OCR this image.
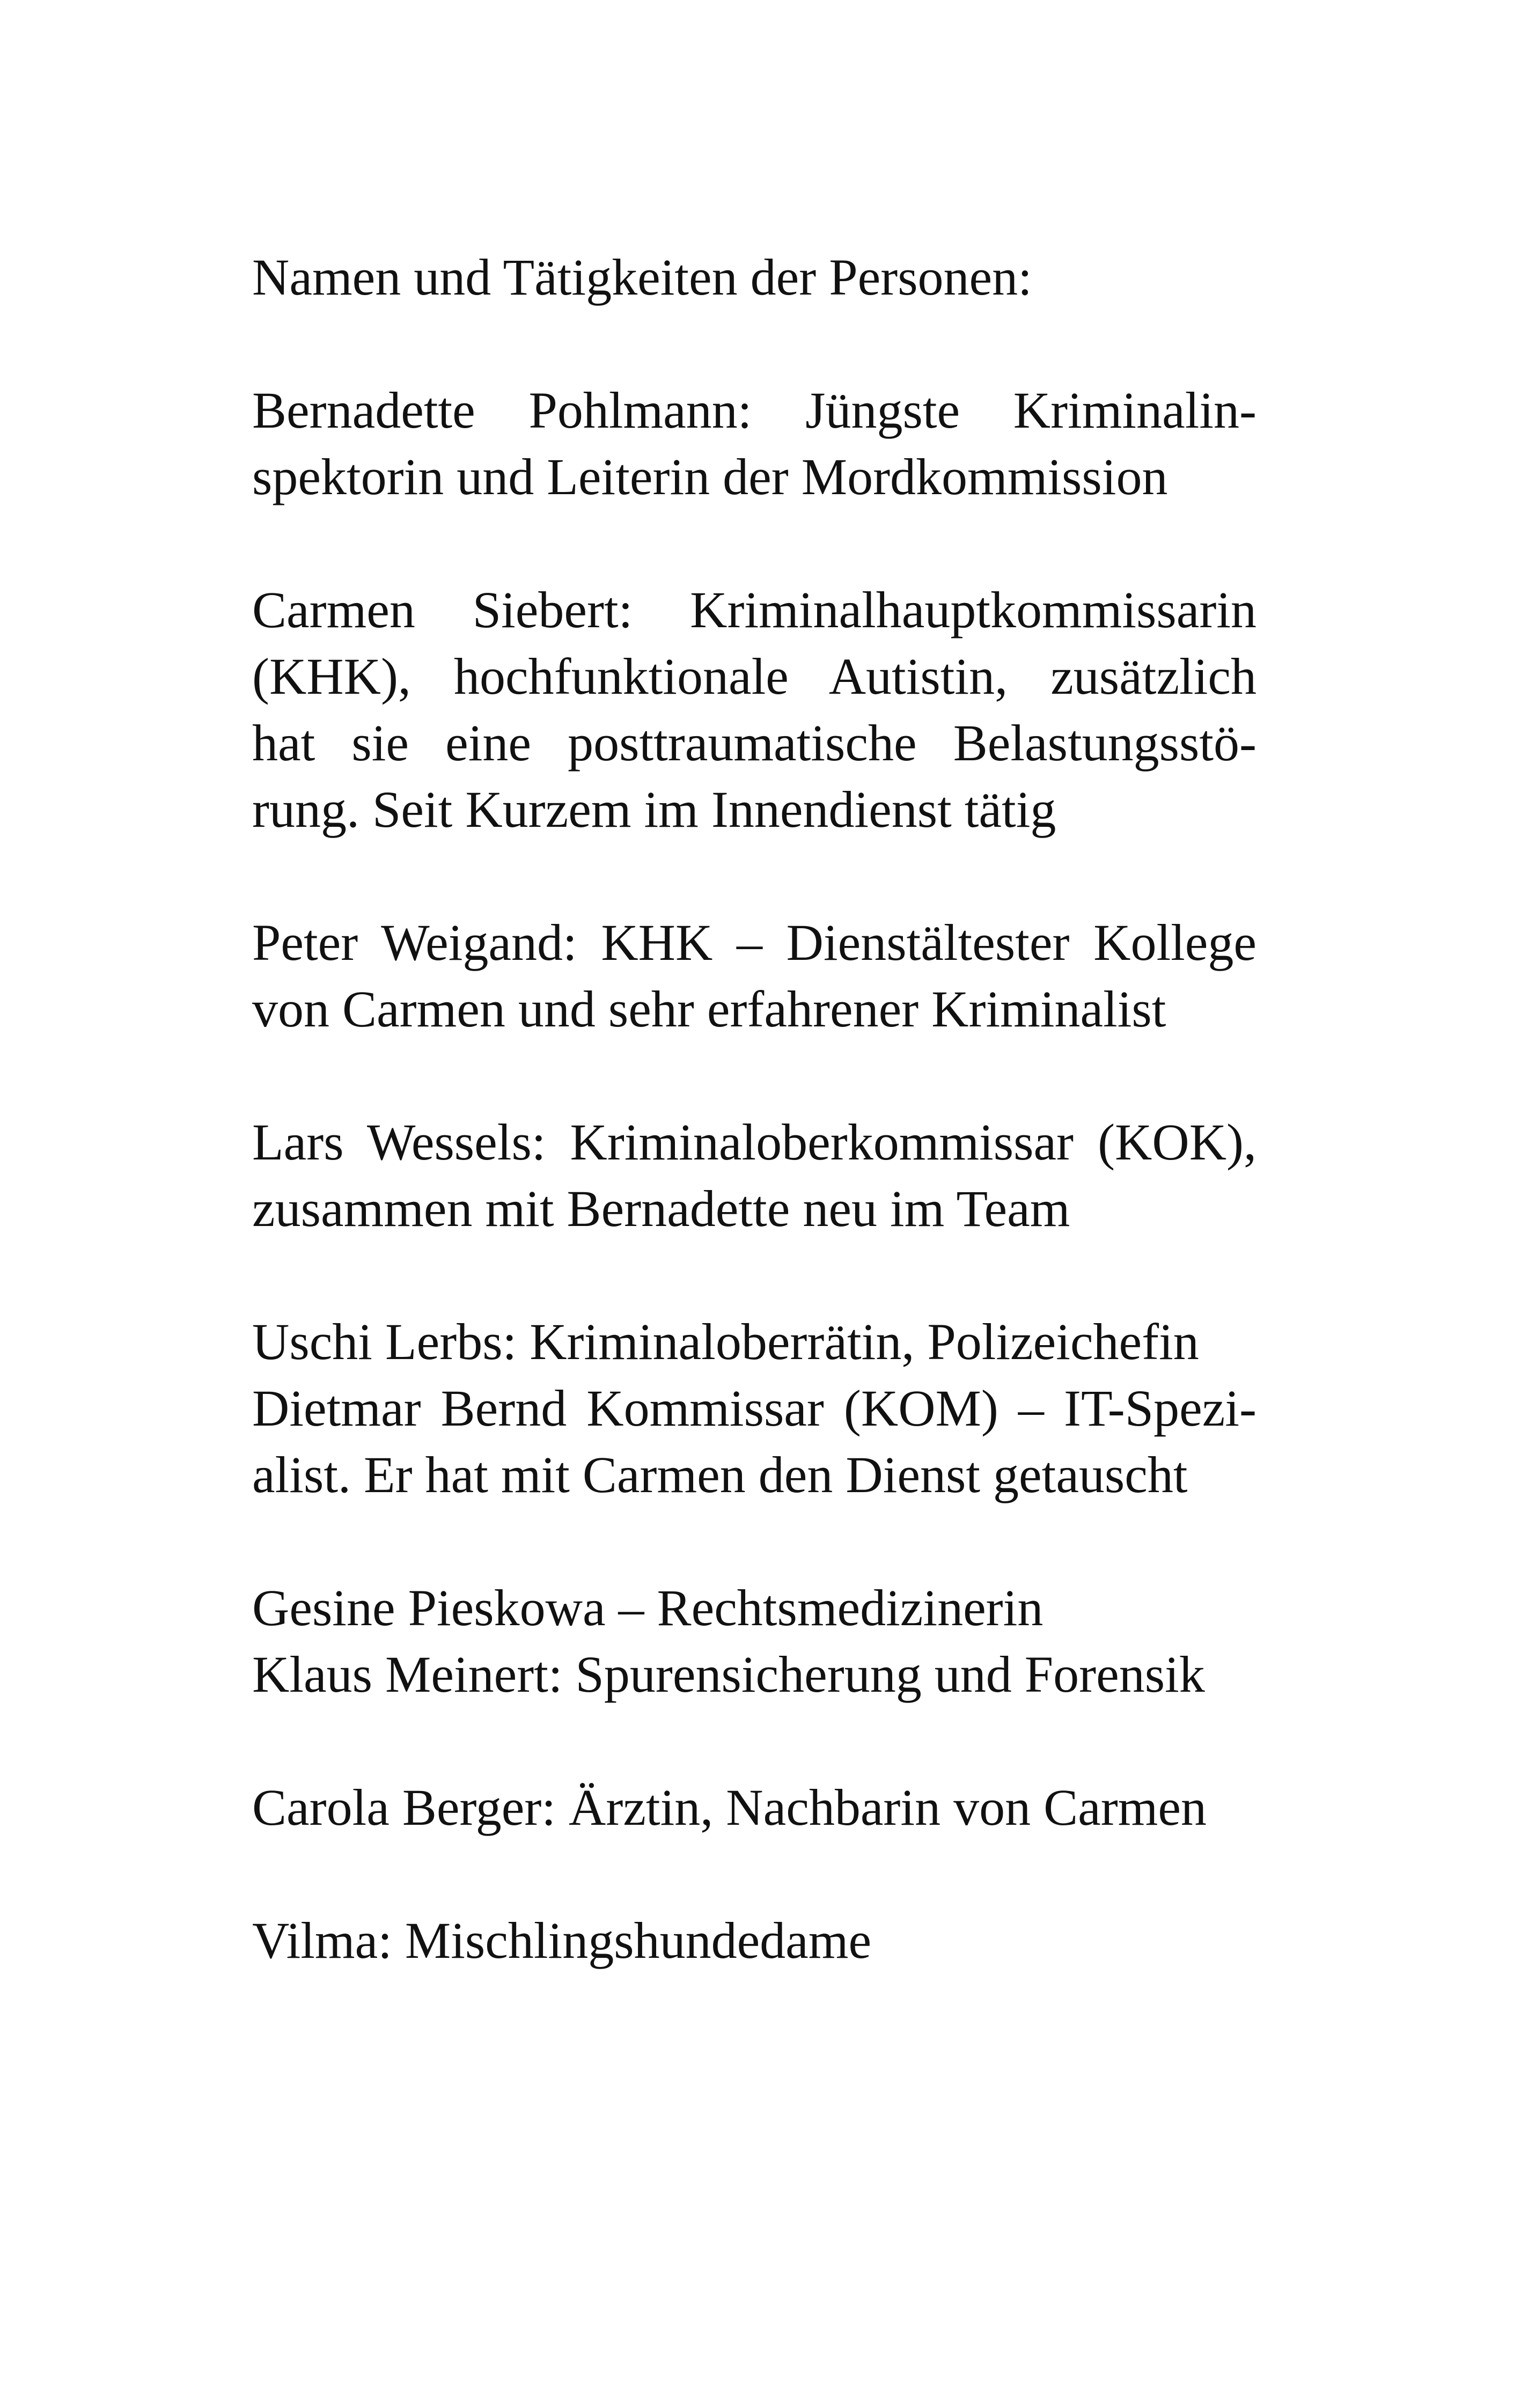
Namen und Tätigkeiten der Personen:
Bernadette Pohlmann: Jüngste Kriminalin-
spektorin und Leiterin der Mordkommission
Carmen Siebert: Kriminalhauptkommissarin
(KHK), hochfunktionale Autistin, zusätzlich
hat sie eine posttraumatische Belastungsstö-
rung. Seit Kurzem im Innendienst tätig
Peter Weigand: KHK – Dienstältester Kollege
von Carmen und sehr erfahrener Kriminalist
Lars Wessels: Kriminaloberkommissar (KOK),
zusammen mit Bernadette neu im Team
Uschi Lerbs: Kriminaloberrätin, Polizeichefin
Dietmar Bernd Kommissar (KOM) – IT-Spezi-
alist. Er hat mit Carmen den Dienst getauscht
Gesine Pieskowa – Rechtsmedizinerin
Klaus Meinert: Spurensicherung und Forensik
Carola Berger: Ärztin, Nachbarin von Carmen
Vilma: Mischlingshundedame
